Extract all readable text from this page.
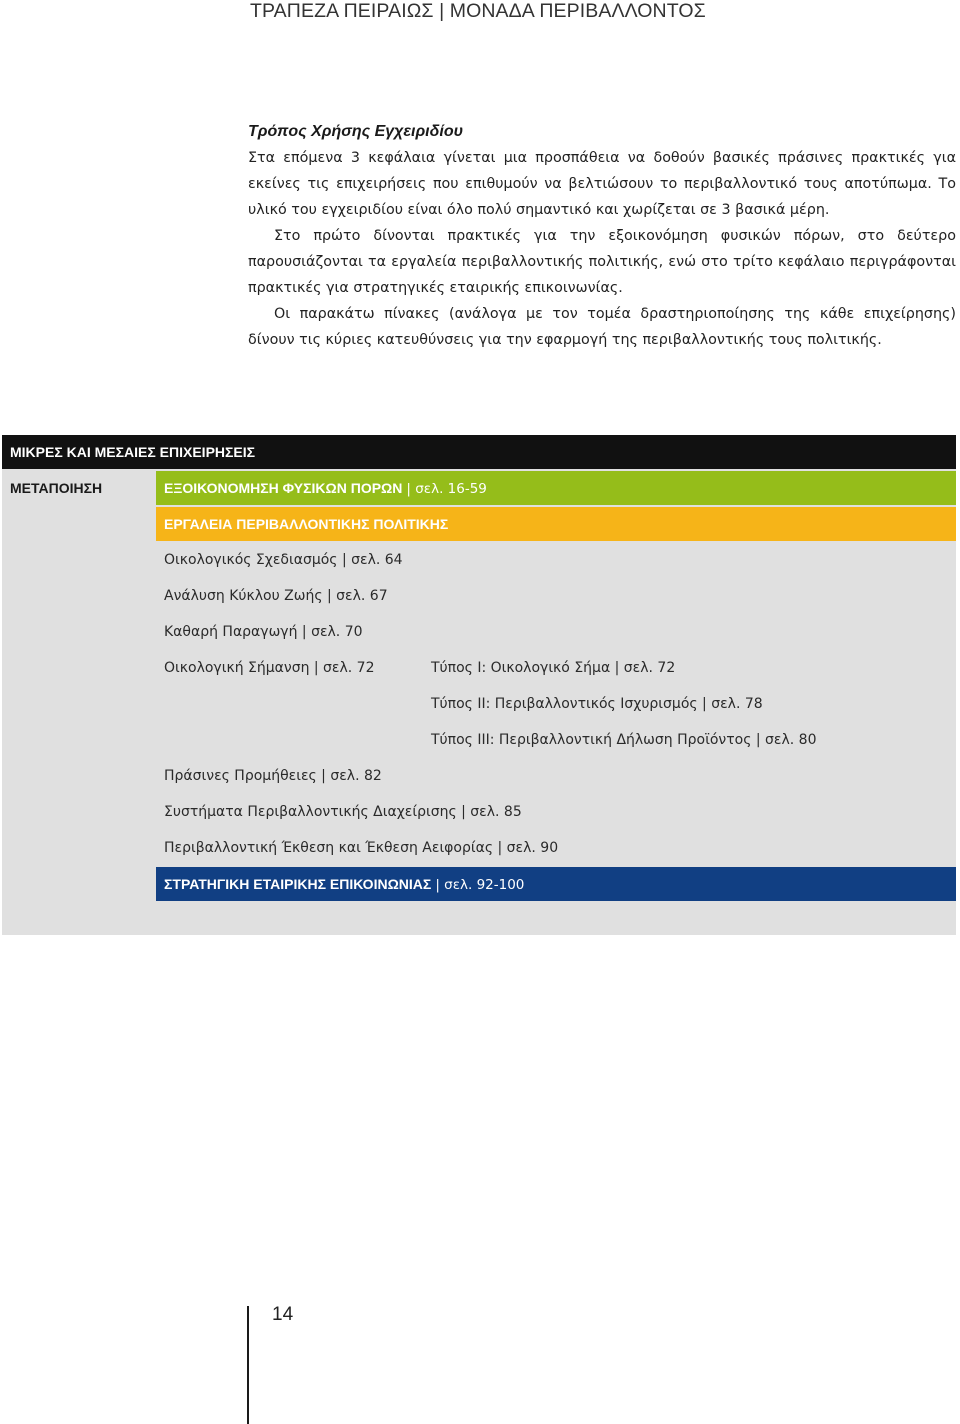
ΤΡΑΠΕΖΑ ΠΕΙΡΑΙΩΣ | ΜΟΝΑΔΑ ΠΕΡΙΒΑΛΛΟΝΤΟΣ
Τρόπος Χρήσης Εγχειριδίου

Στα επόμενα 3 κεφάλαια γίνεται μια προσπάθεια να δοθούν βασικές πράσινες πρακτικές για εκείνες τις επιχειρήσεις που επιθυμούν να βελτιώσουν το περιβαλλοντικό τους αποτύπωμα. Το υλικό του εγχειριδίου είναι όλο πολύ σημαντικό και χωρίζεται σε 3 βασικά μέρη.

Στο πρώτο δίνονται πρακτικές για την εξοικονόμηση φυσικών πόρων, στο δεύτερο παρουσιάζονται τα εργαλεία περιβαλλοντικής πολιτικής, ενώ στο τρίτο κεφάλαιο περιγράφονται πρακτικές για στρατηγικές εταιρικής επικοινωνίας.

Οι παρακάτω πίνακες (ανάλογα με τον τομέα δραστηριοποίησης της κάθε επιχείρησης) δίνουν τις κύριες κατευθύνσεις για την εφαρμογή της περιβαλλοντικής τους πολιτικής.

ΜΙΚΡΕΣ ΚΑΙ ΜΕΣΑΙΕΣ ΕΠΙΧΕΙΡΗΣΕΙΣ
ΜΕΤΑΠΟΙΗΣΗ	ΕΞΟΙΚΟΝΟΜΗΣΗ ΦΥΣΙΚΩΝ ΠΟΡΩΝ | σελ. 16-59
ΕΡΓΑΛΕΙΑ ΠΕΡΙΒΑΛΛΟΝΤΙΚΗΣ ΠΟΛΙΤΙΚΗΣ
Οικολογικός Σχεδιασμός | σελ. 64
Ανάλυση Κύκλου Ζωής | σελ. 67
Καθαρή Παραγωγή | σελ. 70
Οικολογική Σήμανση | σελ. 72	Τύπος Ι: Οικολογικό Σήμα | σελ. 72
Τύπος ΙΙ: Περιβαλλοντικός Ισχυρισμός | σελ. 78
Τύπος ΙΙΙ: Περιβαλλοντική Δήλωση Προϊόντος | σελ. 80
Πράσινες Προμήθειες | σελ. 82
Συστήματα Περιβαλλοντικής Διαχείρισης | σελ. 85
Περιβαλλοντική Έκθεση και Έκθεση Αειφορίας | σελ. 90
ΣΤΡΑΤΗΓΙΚΗ ΕΤΑΙΡΙΚΗΣ ΕΠΙΚΟΙΝΩΝΙΑΣ | σελ. 92-100
14
